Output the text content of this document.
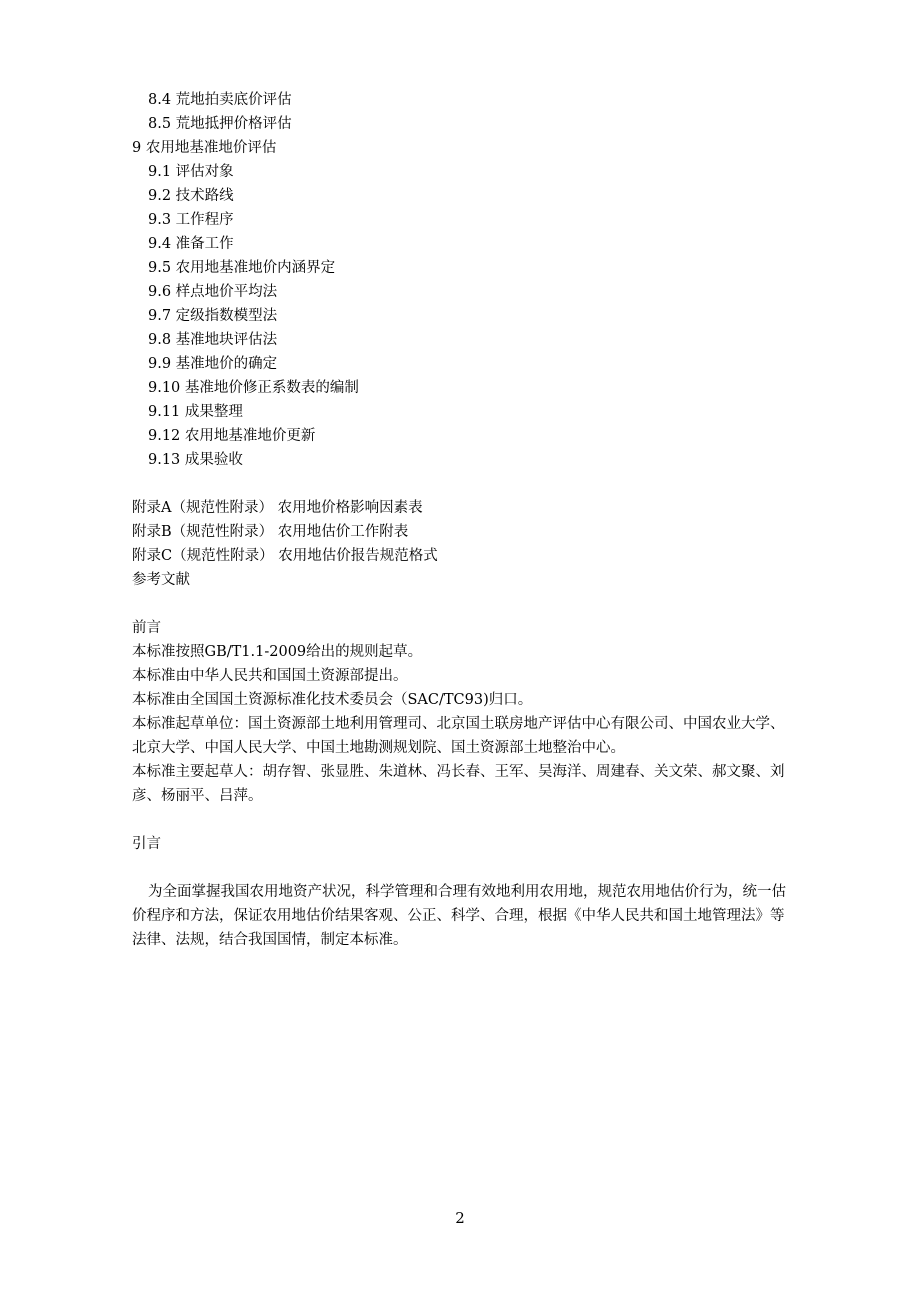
8.4 荒地拍卖底价评估
8.5 荒地抵押价格评估
9 农用地基准地价评估
9.1 评估对象
9.2 技术路线
9.3 工作程序
9.4 准备工作
9.5 农用地基准地价内涵界定
9.6 样点地价平均法
9.7 定级指数模型法
9.8 基准地块评估法
9.9 基准地价的确定
9.10 基准地价修正系数表的编制
9.11 成果整理
9.12 农用地基准地价更新
9.13 成果验收
附录A（规范性附录） 农用地价格影响因素表
附录B（规范性附录） 农用地估价工作附表
附录C（规范性附录） 农用地估价报告规范格式
参考文献
前言
本标准按照GB/T1.1-2009给出的规则起草。
本标准由中华人民共和国国土资源部提出。
本标准由全国国土资源标准化技术委员会（SAC/TC93)归口。
本标准起草单位：国土资源部土地利用管理司、北京国土联房地产评估中心有限公司、中国农业大学、北京大学、中国人民大学、中国土地勘测规划院、国土资源部土地整治中心。
本标准主要起草人：胡存智、张显胜、朱道林、冯长春、王军、吴海洋、周建春、关文荣、郝文聚、刘彦、杨丽平、吕萍。
引言
为全面掌握我国农用地资产状况，科学管理和合理有效地利用农用地，规范农用地估价行为，统一估价程序和方法，保证农用地估价结果客观、公正、科学、合理，根据《中华人民共和国土地管理法》等法律、法规，结合我国国情，制定本标准。
2
